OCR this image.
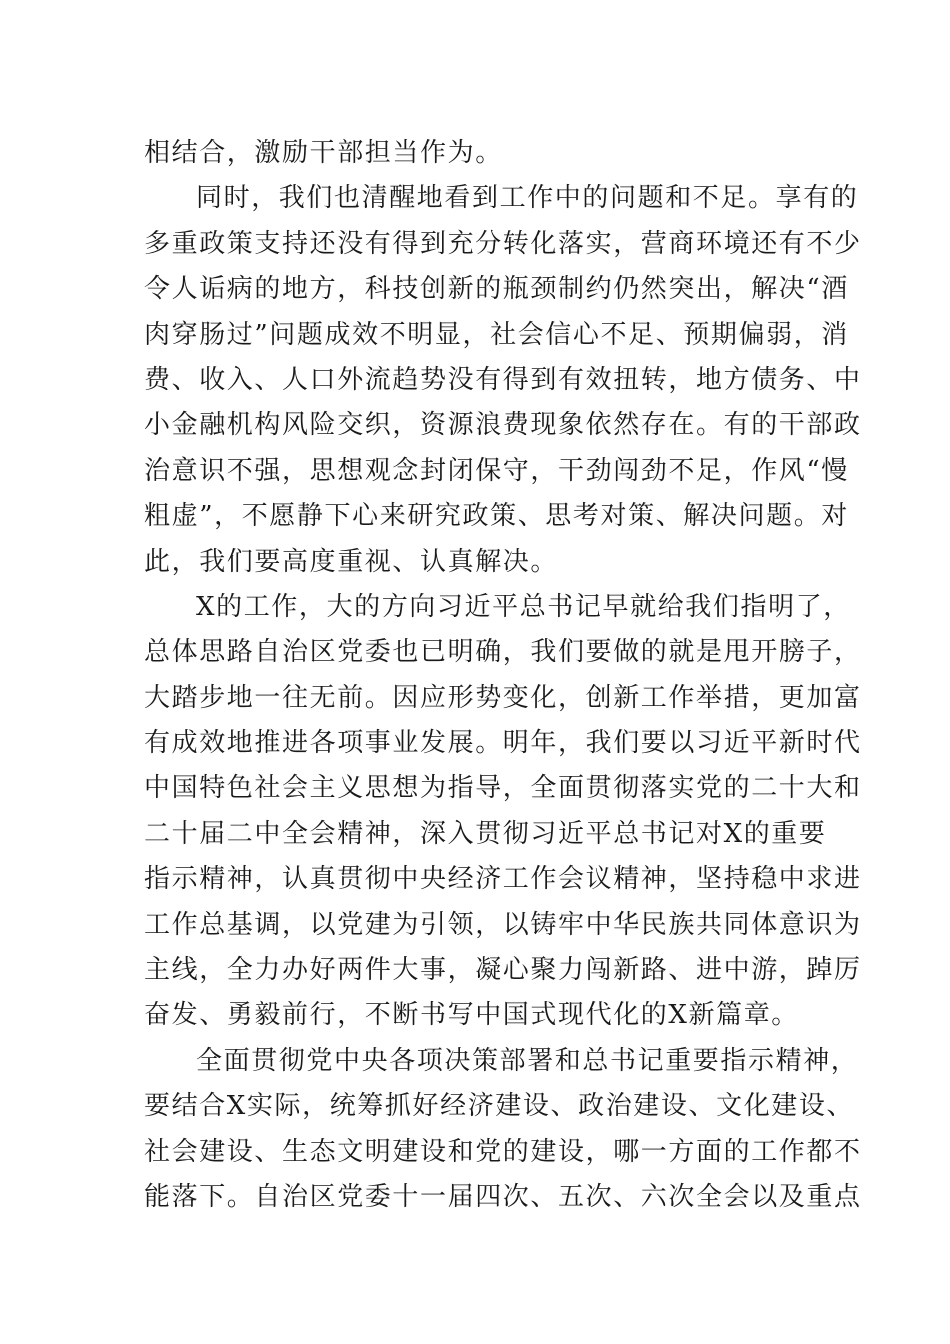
相结合，激励干部担当作为。
同时，我们也清醒地看到工作中的问题和不足。享有的
多重政策支持还没有得到充分转化落实，营商环境还有不少
令人诟病的地方，科技创新的瓶颈制约仍然突出，解决“酒
肉穿肠过”问题成效不明显，社会信心不足、预期偏弱，消
费、收入、人口外流趋势没有得到有效扭转，地方债务、中
小金融机构风险交织，资源浪费现象依然存在。有的干部政
治意识不强，思想观念封闭保守，干劲闯劲不足，作风“慢
粗虚”，不愿静下心来研究政策、思考对策、解决问题。对
此，我们要高度重视、认真解决。
X的工作，大的方向习近平总书记早就给我们指明了，
总体思路自治区党委也已明确，我们要做的就是甩开膀子，
大踏步地一往无前。因应形势变化，创新工作举措，更加富
有成效地推进各项事业发展。明年，我们要以习近平新时代
中国特色社会主义思想为指导，全面贯彻落实党的二十大和
二十届二中全会精神，深入贯彻习近平总书记对X的重要
指示精神，认真贯彻中央经济工作会议精神，坚持稳中求进
工作总基调，以党建为引领，以铸牢中华民族共同体意识为
主线，全力办好两件大事，凝心聚力闯新路、进中游，踔厉
奋发、勇毅前行，不断书写中国式现代化的X新篇章。
全面贯彻党中央各项决策部署和总书记重要指示精神，
要结合X实际，统筹抓好经济建设、政治建设、文化建设、
社会建设、生态文明建设和党的建设，哪一方面的工作都不
能落下。自治区党委十一届四次、五次、六次全会以及重点
